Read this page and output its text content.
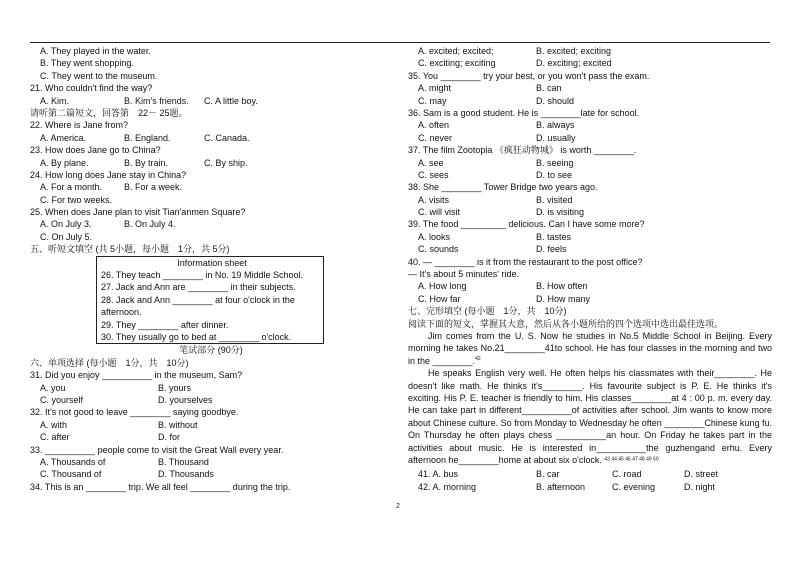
A. They played in the water.
B. They went shopping.
C. They went to the museum.
21. Who couldn't find the way?
A. Kim.	B. Kim's friends. C. A little boy.
请听第二篇短文，回答第　22－ 25题。
22. Where is Jane from?
A. America.	B. England.	C. Canada.
23. How does Jane go to China?
A. By plane.	B. By train.	C. By ship.
24. How long does Jane stay in China?
A. For a month. B. For a week.
C. For two weeks.
25. When does Jane plan to visit Tian'anmen Square?
A. On July 3.	B. On July 4.
C. On July 5.
五、听短文填空 (共 5小题，每小题　1分，共 5分)
Information sheet
26. They teach ________ in No. 19 Middle School.
27. Jack and Ann are ________ in their subjects.
28. Jack and Ann ________ at four o'clock in the
afternoon.
29. They ________ after dinner.
30. They usually go to bed at ________ o'clock.
笔试部分 (90分)
六、单项选择 (每小题　1分，共　10分)
31. Did you enjoy __________ in the museum, Sam?
A. you	B. yours
C. yourself	D. yourselves
32. It's not good to leave ________ saying goodbye.
A. with	B. without
C. after	D. for
33. __________ people come to visit the Great Wall every year.
A. Thousands of	B. Thousand
C. Thousand of	D. Thousands
34. This is an ________ trip. We all feel ________ during the trip.
A. excited; excited;	B. excited; exciting
C. exciting; exciting	D. exciting; excited
35. You ________ try your best, or you won't pass the exam.
A. might	B. can
C. may	D. should
36. Sam is a good student. He is ________late for school.
A. often	B. always
C. never	D. usually
37. The film Zootopia 《疯狂动物城》 is worth ________.
A. see	B. seeing
C. sees	D. to see
38. She ________ Tower Bridge two years ago.
A. visits	B. visited
C. will visit	D. is visiting
39. The food _________ delicious. Can I have some more?
A. looks	B. tastes
C. sounds	D. feels
40. — ________ is it from the restaurant to the post office?
— It's about 5 minutes' ride.
A. How long	B. How often
C. How far	D. How many
七、完形填空 (每小题　1分，共　10分)
阅读下面的短文，掌握其大意，然后从各小题所给的四个选项中选出最佳选项。
Jim comes from the U. S. Now he studies in No.5 Middle School in Beijing. Every morning he takes No.21________41to school. He has four classes in the morning and two in the ________.$^{42}$
He speaks English very well. He often helps his classmates with their________. He doesn't like math. He thinks it's________. His favourite subject is P. E. He thinks it's exciting. His P. E. teacher is friendly to him. His classes________at 4 : 00 p. m. every day. He can take part in different__________of activities after school. Jim wants to know more about Chinese culture. So from Monday to Wednesday he often ________Chinese kung fu. On Thursday he often plays chess __________an hour. On Friday he takes part in the activities about music. He is interested in__________the guzhengand erhu. Every afternoon he________home at about six o'clock. $^{43}$ $^{44}$ $^{45}$ $^{46}$ $^{47}$ $^{48}$ $^{49}$ $^{50}$
41. A. bus	B. car	C. road	D. street
42. A. morning	B. afternoon	C. evening	D. night
2
